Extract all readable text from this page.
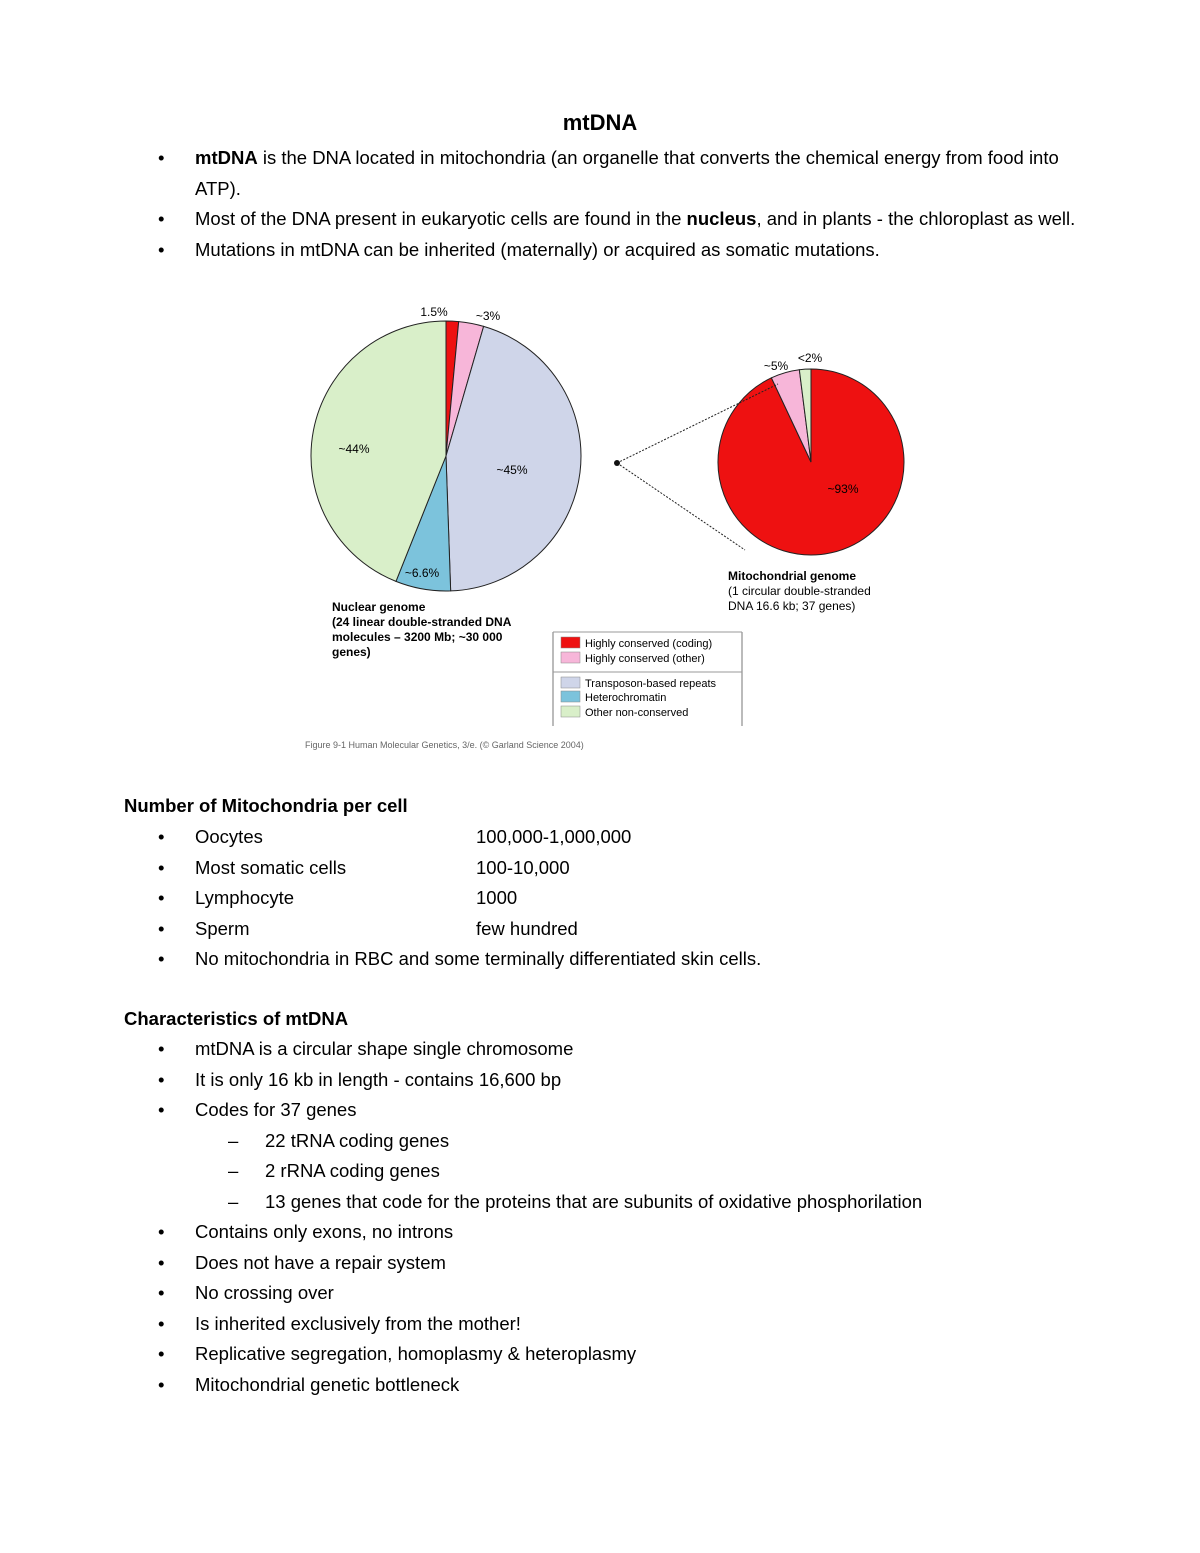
mtDNA
• mtDNA is the DNA located in mitochondria (an organelle that converts the chemical energy from food into ATP).
• Most of the DNA present in eukaryotic cells are found in the nucleus, and in plants - the chloroplast as well.
• Mutations in mtDNA can be inherited (maternally) or acquired as somatic mutations.
1.5% ~3%
~45%
~6.6%
~44%
~5%
<2%
~93%
Mitochondrial genome
(1 circular double-stranded
DNA 16.6 kb; 37 genes)
Nuclear genome
(24 linear double-stranded DNA
molecules – 3200 Mb; ~30 000
genes)
Highly conserved (coding)
Highly conserved (other)
Transposon-based repeats
Heterochromatin
Other non-conserved
Figure 9-1 Human Molecular Genetics, 3/e. (© Garland Science 2004)
Number of Mitochondria per cell
• Oocytes	100,000-1,000,000
• Most somatic cells	100-10,000
• Lymphocyte	1000
• Sperm	few hundred
• No mitochondria in RBC and some terminally differentiated skin cells.
Characteristics of mtDNA
• mtDNA is a circular shape single chromosome
• It is only 16 kb in length - contains 16,600 bp
• Codes for 37 genes
– 22 tRNA coding genes
– 2 rRNA coding genes
– 13 genes that code for the proteins that are subunits of oxidative phosphorilation
• Contains only exons, no introns
• Does not have a repair system
• No crossing over
• Is inherited exclusively from the mother!
• Replicative segregation, homoplasmy & heteroplasmy
• Mitochondrial genetic bottleneck
